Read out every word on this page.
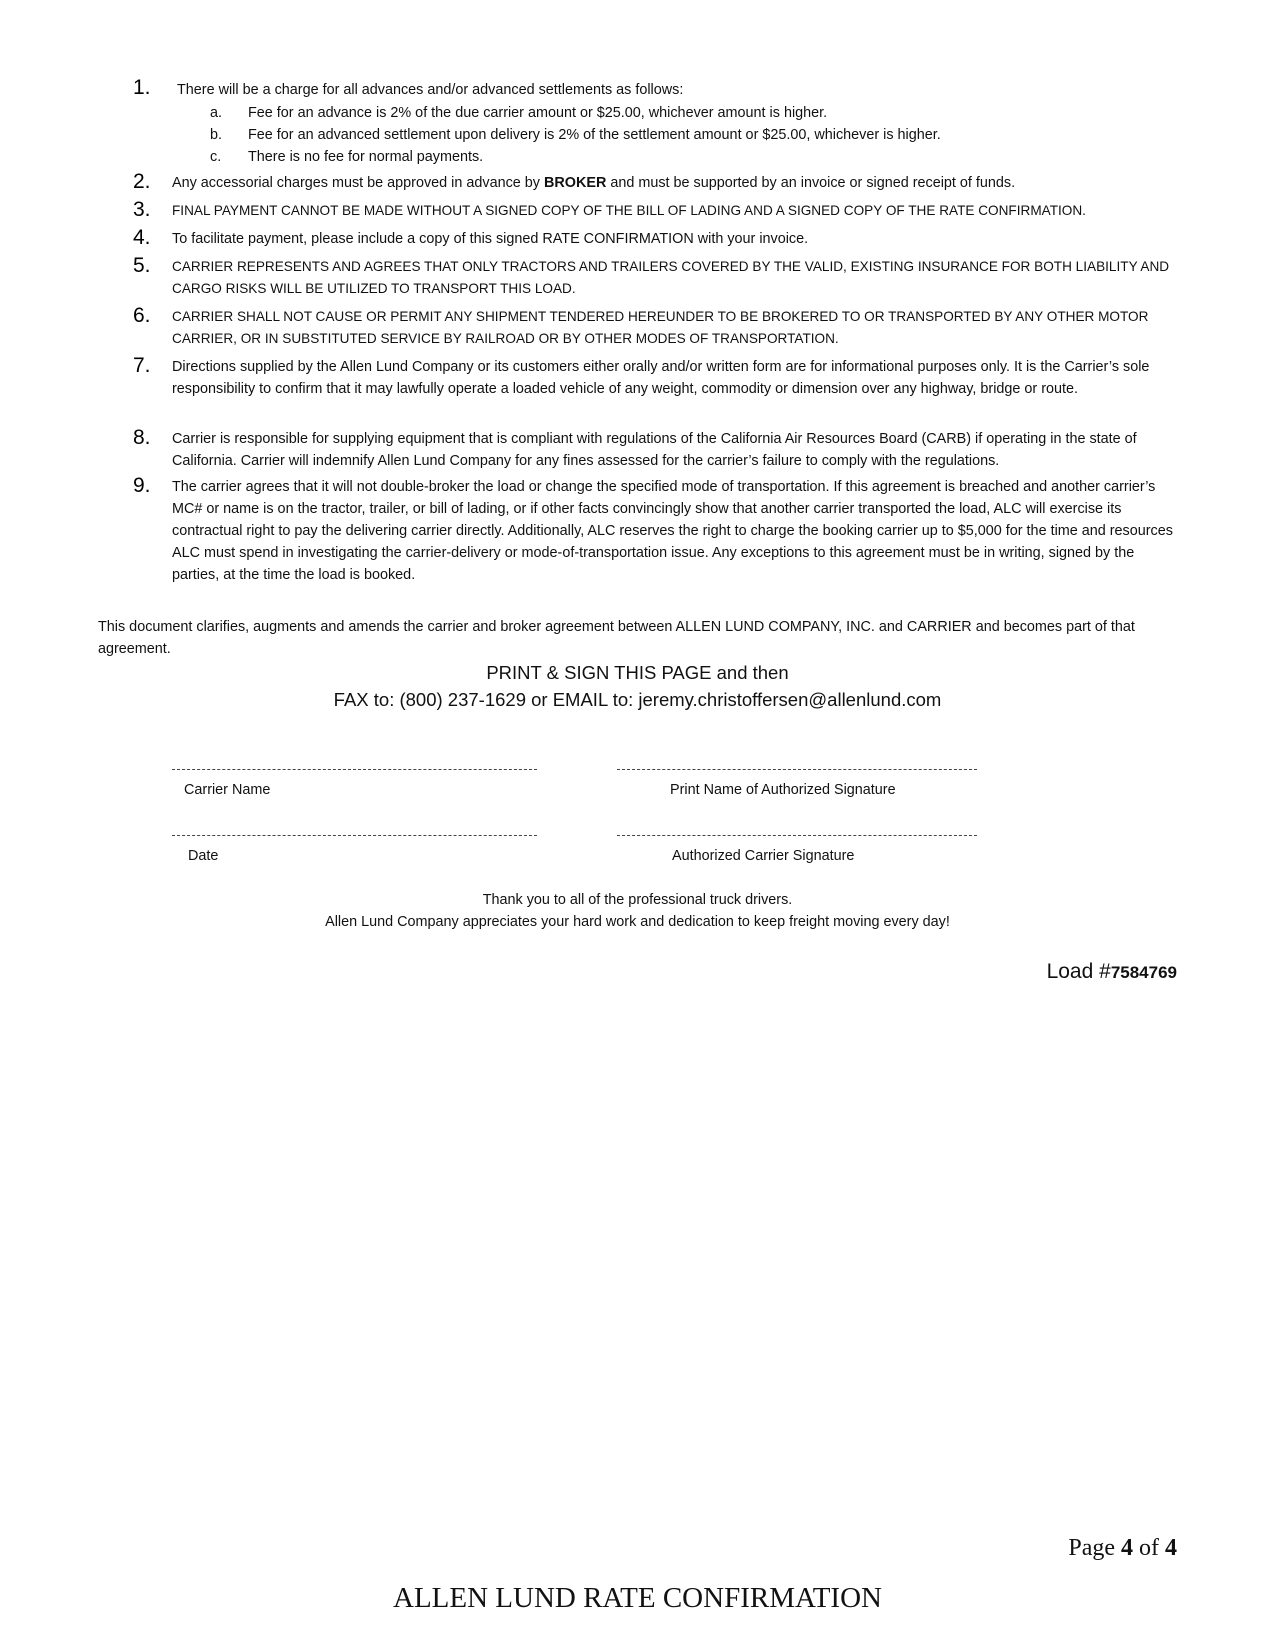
1.	There will be a charge for all advances and/or advanced settlements as follows:
a. Fee for an advance is 2% of the due carrier amount or $25.00, whichever amount is higher.
b. Fee for an advanced settlement upon delivery is 2% of the settlement amount or $25.00, whichever is higher.
c. There is no fee for normal payments.
2.	Any accessorial charges must be approved in advance by BROKER and must be supported by an invoice or signed receipt of funds.
3.	FINAL PAYMENT CANNOT BE MADE WITHOUT A SIGNED COPY OF THE BILL OF LADING AND A SIGNED COPY OF THE RATE CONFIRMATION.
4.	To facilitate payment, please include a copy of this signed RATE CONFIRMATION with your invoice.
5.	CARRIER REPRESENTS AND AGREES THAT ONLY TRACTORS AND TRAILERS COVERED BY THE VALID, EXISTING INSURANCE FOR BOTH LIABILITY AND CARGO RISKS WILL BE UTILIZED TO TRANSPORT THIS LOAD.
6.	CARRIER SHALL NOT CAUSE OR PERMIT ANY SHIPMENT TENDERED HEREUNDER TO BE BROKERED TO OR TRANSPORTED BY ANY OTHER MOTOR CARRIER, OR IN SUBSTITUTED SERVICE BY RAILROAD OR BY OTHER MODES OF TRANSPORTATION.
7.	Directions supplied by the Allen Lund Company or its customers either orally and/or written form are for informational purposes only. It is the Carrier’s sole responsibility to confirm that it may lawfully operate a loaded vehicle of any weight, commodity or dimension over any highway, bridge or route.
8.	Carrier is responsible for supplying equipment that is compliant with regulations of the California Air Resources Board (CARB) if operating in the state of California. Carrier will indemnify Allen Lund Company for any fines assessed for the carrier’s failure to comply with the regulations.
9.	The carrier agrees that it will not double-broker the load or change the specified mode of transportation. If this agreement is breached and another carrier’s MC# or name is on the tractor, trailer, or bill of lading, or if other facts convincingly show that another carrier transported the load, ALC will exercise its contractual right to pay the delivering carrier directly. Additionally, ALC reserves the right to charge the booking carrier up to $5,000 for the time and resources ALC must spend in investigating the carrier-delivery or mode-of-transportation issue. Any exceptions to this agreement must be in writing, signed by the parties, at the time the load is booked.
This document clarifies, augments and amends the carrier and broker agreement between ALLEN LUND COMPANY, INC. and CARRIER and becomes part of that agreement.
PRINT & SIGN THIS PAGE and then
FAX to: (800) 237-1629 or EMAIL to: jeremy.christoffersen@allenlund.com
Carrier Name	Print Name of Authorized Signature
Date	Authorized Carrier Signature
Thank you to all of the professional truck drivers.
Allen Lund Company appreciates your hard work and dedication to keep freight moving every day!
Load #7584769
Page 4 of 4
ALLEN LUND RATE CONFIRMATION
